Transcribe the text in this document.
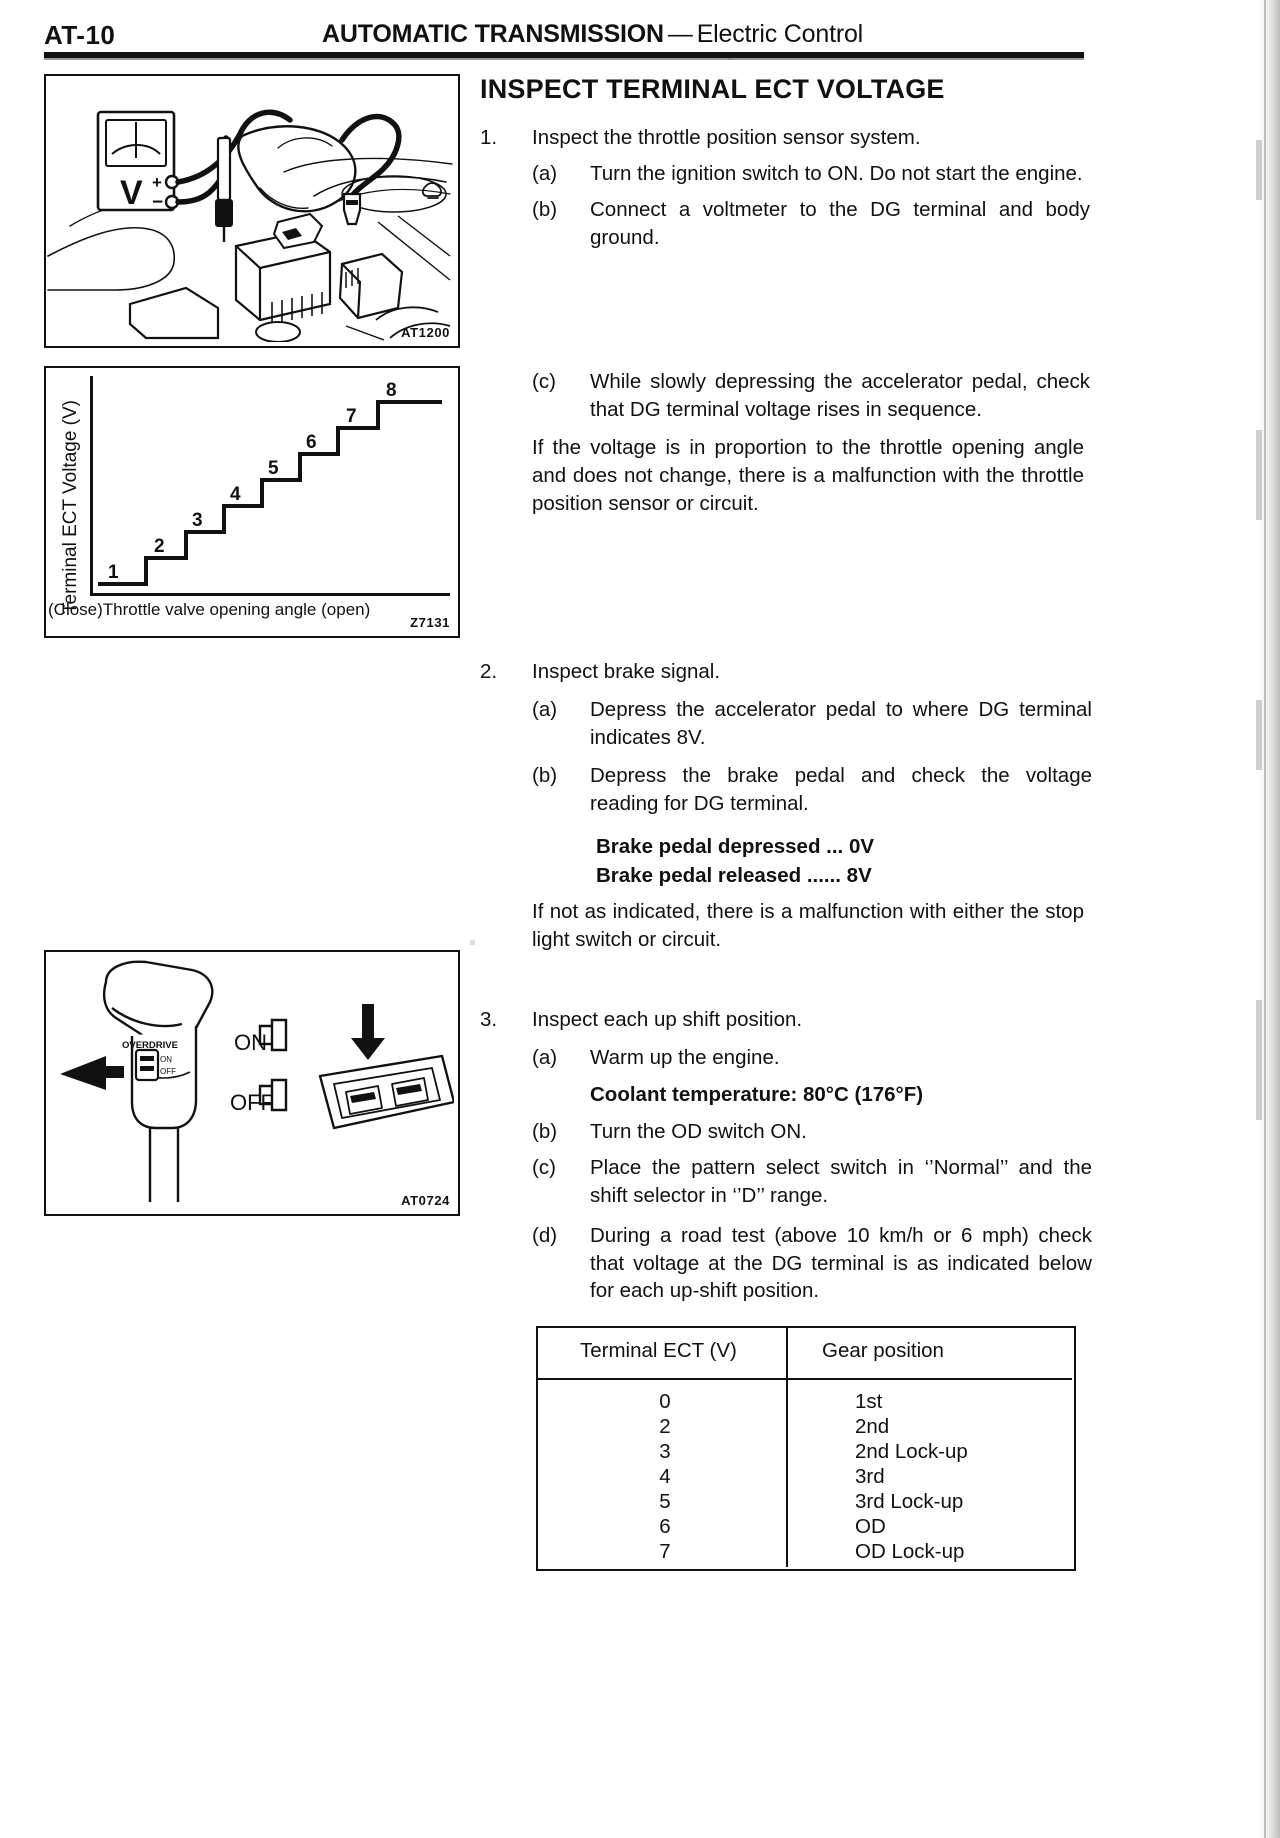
AT-10	AUTOMATIC TRANSMISSION — Electric Control
V +
−
AT1200
Terminal ECT Voltage (V) 1
2
3
4
5
6
7
8
(Close)Throttle valve opening angle (open)
Z7131
OVERDRIVE
ON
OFF
ON
OFF
AT0724
INSPECT TERMINAL ECT VOLTAGE
1.	Inspect the throttle position sensor system.
(a)	Turn the ignition switch to ON. Do not start the engine.
(b)	Connect a voltmeter to the DG terminal and body ground.
(c)	While slowly depressing the accelerator pedal, check that DG terminal voltage rises in sequence.

If the voltage is in proportion to the throttle opening angle and does not change, there is a malfunction with the throttle position sensor or circuit.

2.	Inspect brake signal.
(a)	Depress the accelerator pedal to where DG terminal indicates 8V.
(b)	Depress the brake pedal and check the voltage reading for DG terminal.
Brake pedal depressed ... 0V
Brake pedal released ...... 8V

If not as indicated, there is a malfunction with either the stop light switch or circuit.

3.	Inspect each up shift position.
(a)	Warm up the engine.
Coolant temperature: 80°C (176°F)
(b)	Turn the OD switch ON.
(c)	Place the pattern select switch in ‘’Normal’’ and the shift selector in ‘’D’’ range.
(d)	During a road test (above 10 km/h or 6 mph) check that voltage at the DG terminal is as indicated below for each up-shift position.
Terminal ECT (V)	Gear position
0	1st
2	2nd
3	2nd Lock-up
4	3rd
5	3rd Lock-up
6	OD
7	OD Lock-up
